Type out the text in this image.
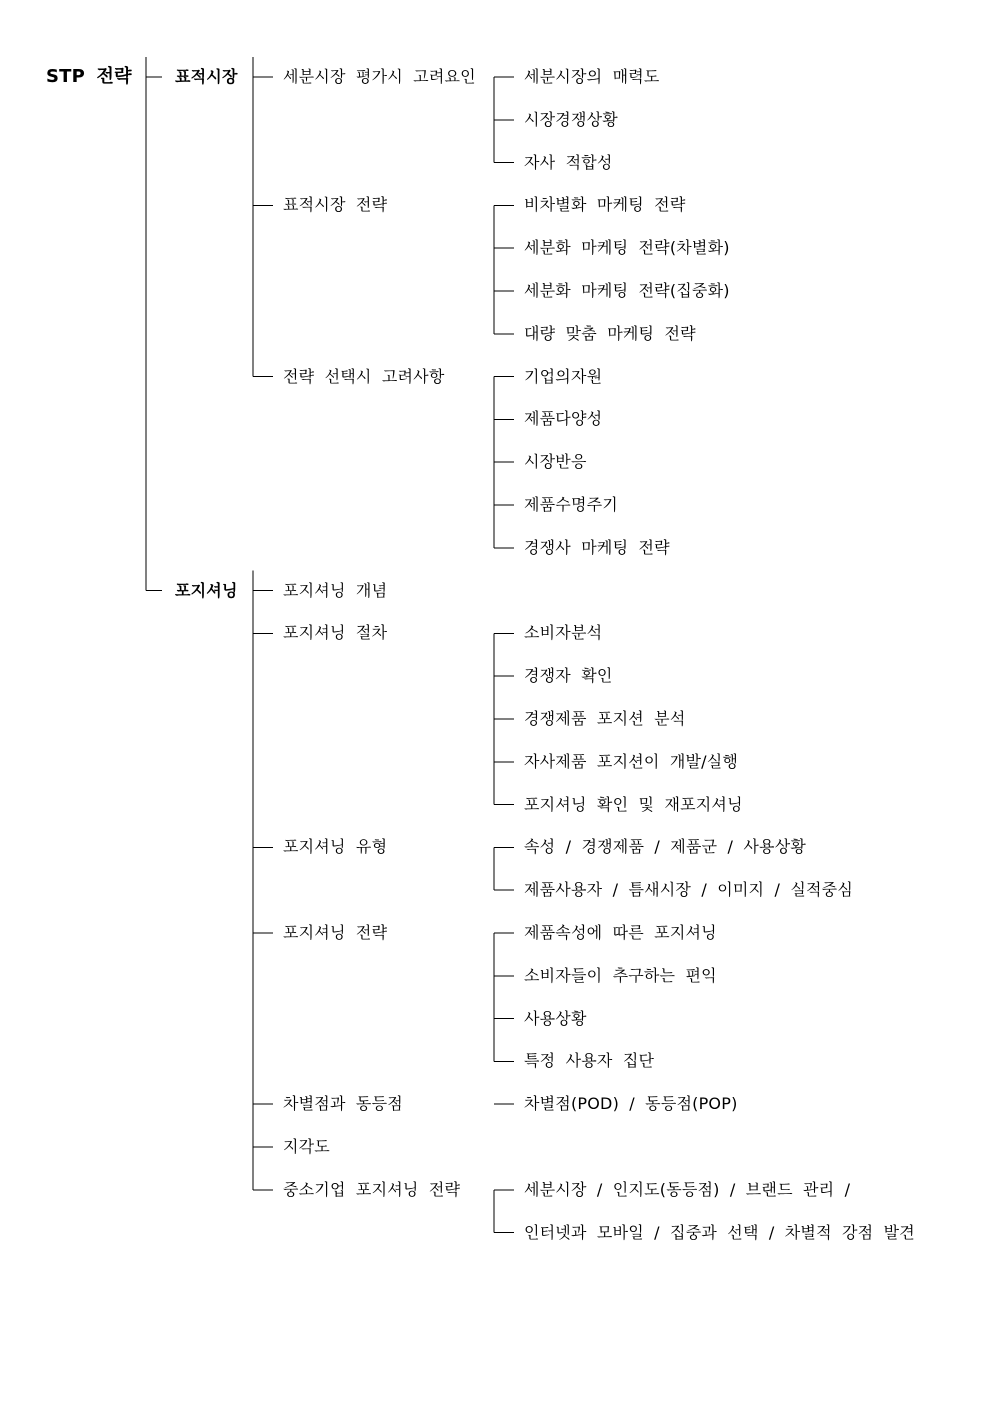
STP 전략	표적시장	세분시장 평가시 고려요인	세분시장의 매력도
시장경쟁상황
자사 적합성
표적시장 전략	비차별화 마케팅 전략
세분화 마케팅 전략(차별화)
세분화 마케팅 전략(집중화)
대량 맞춤 마케팅 전략
전략 선택시 고려사항	기업의자원
제품다양성
시장반응
제품수명주기
경쟁사 마케팅 전략
포지셔닝	포지셔닝 개념
포지셔닝 절차	소비자분석
경쟁자 확인
경쟁제품 포지션 분석
자사제품 포지션이 개발/실행
포지셔닝 확인 및 재포지셔닝
포지셔닝 유형	속성 / 경쟁제품 / 제품군 / 사용상황
제품사용자 / 틈새시장 / 이미지 / 실적중심
포지셔닝 전략	제품속성에 따른 포지셔닝
소비자들이 추구하는 편익
사용상황
특정 사용자 집단
차별점과 동등점	차별점(POD) / 동등점(POP)
지각도
중소기업 포지셔닝 전략	세분시장 / 인지도(동등점) / 브랜드 관리 /
인터넷과 모바일 / 집중과 선택 / 차별적 강점 발견
